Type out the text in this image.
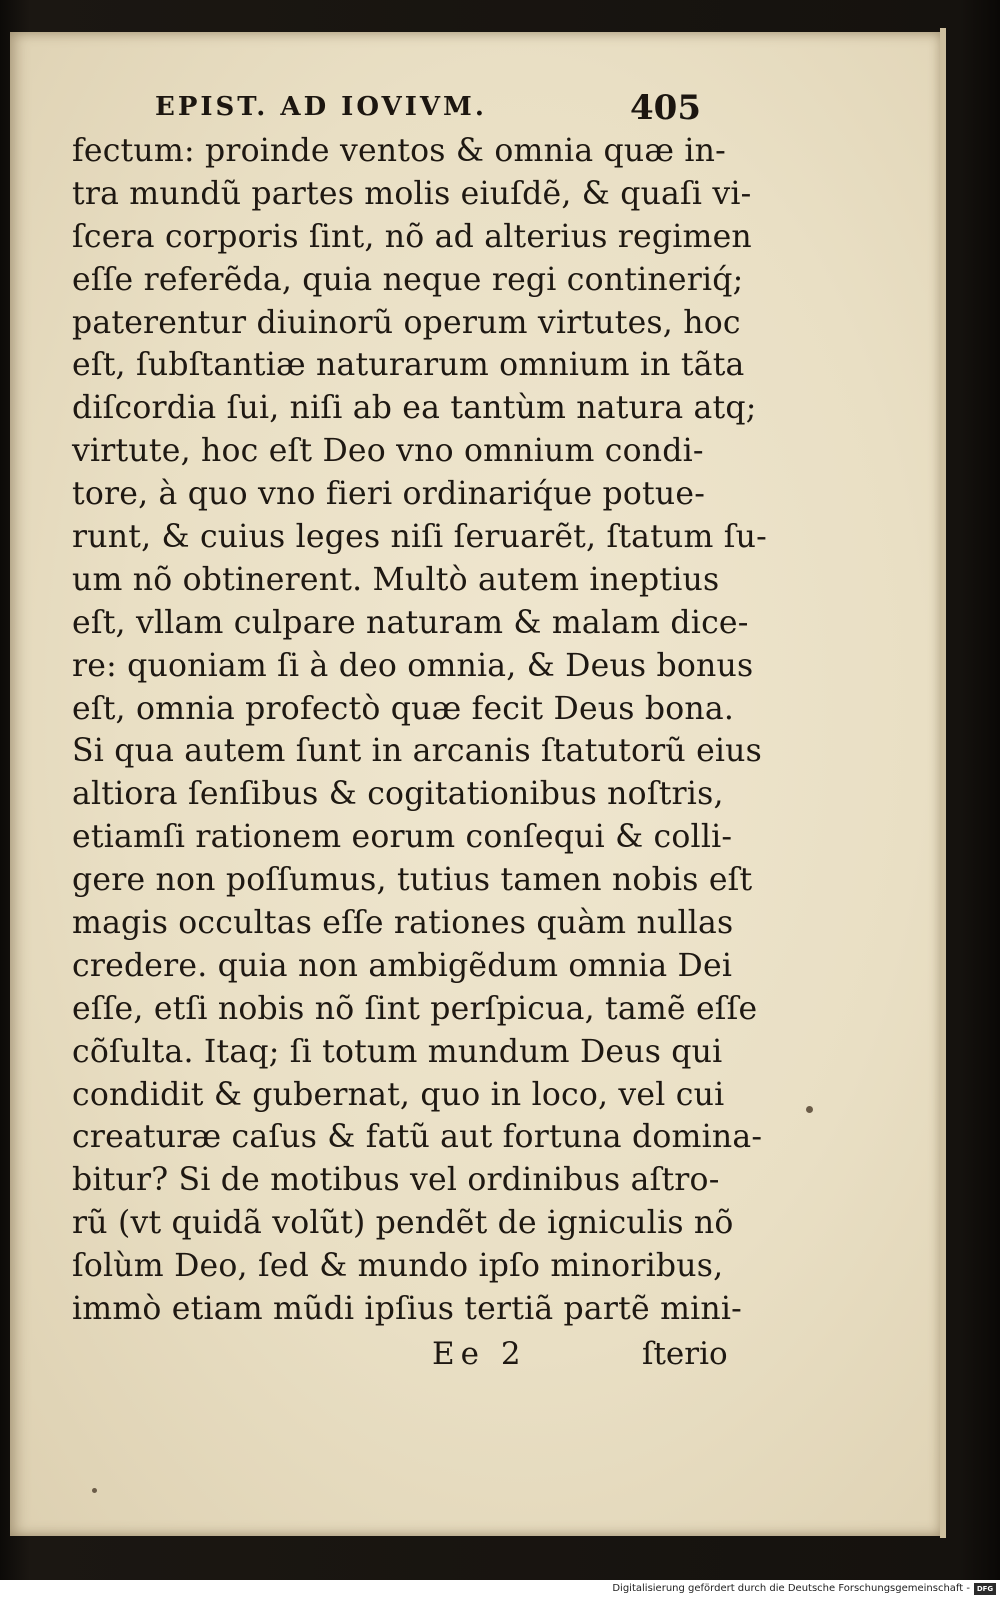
EPIST. AD IOVIVM.	405
fectum: proinde ventos & omnia quæ in-
tra mundũ partes molis eiuſdẽ, & quaſi vi-
ſcera corporis ſint, nõ ad alterius regimen
eſſe referẽda, quia neque regi contineriq́;
paterentur diuinorũ operum virtutes, hoc
eſt, ſubſtantiæ naturarum omnium in tãta
diſcordia ſui, niſi ab ea tantùm natura atq;
virtute, hoc eſt Deo vno omnium condi-
tore, à quo vno fieri ordinariq́ue potue-
runt, & cuius leges niſi ſeruarẽt, ſtatum ſu-
um nõ obtinerent. Multò autem ineptius
eſt, vllam culpare naturam & malam dice-
re: quoniam ſi à deo omnia, & Deus bonus
eſt, omnia profectò quæ fecit Deus bona.
Si qua autem ſunt in arcanis ſtatutorũ eius
altiora ſenſibus & cogitationibus noſtris,
etiamſi rationem eorum conſequi & colli-
gere non poſſumus, tutius tamen nobis eſt
magis occultas eſſe rationes quàm nullas
credere. quia non ambigẽdum omnia Dei
eſſe, etſi nobis nõ ſint perſpicua, tamẽ eſſe
cõſulta. Itaq; ſi totum mundum Deus qui
condidit & gubernat, quo in loco, vel cui
creaturæ caſus & fatũ aut fortuna domina-
bitur? Si de motibus vel ordinibus aſtro-
rũ (vt quidã volũt) pendẽt de igniculis nõ
ſolùm Deo, ſed & mundo ipſo minoribus,
immò etiam mũdi ipſius tertiã partẽ mini-
Ee 2	ſterio
Digitalisierung gefördert durch die Deutsche Forschungsgemeinschaft - DFG
